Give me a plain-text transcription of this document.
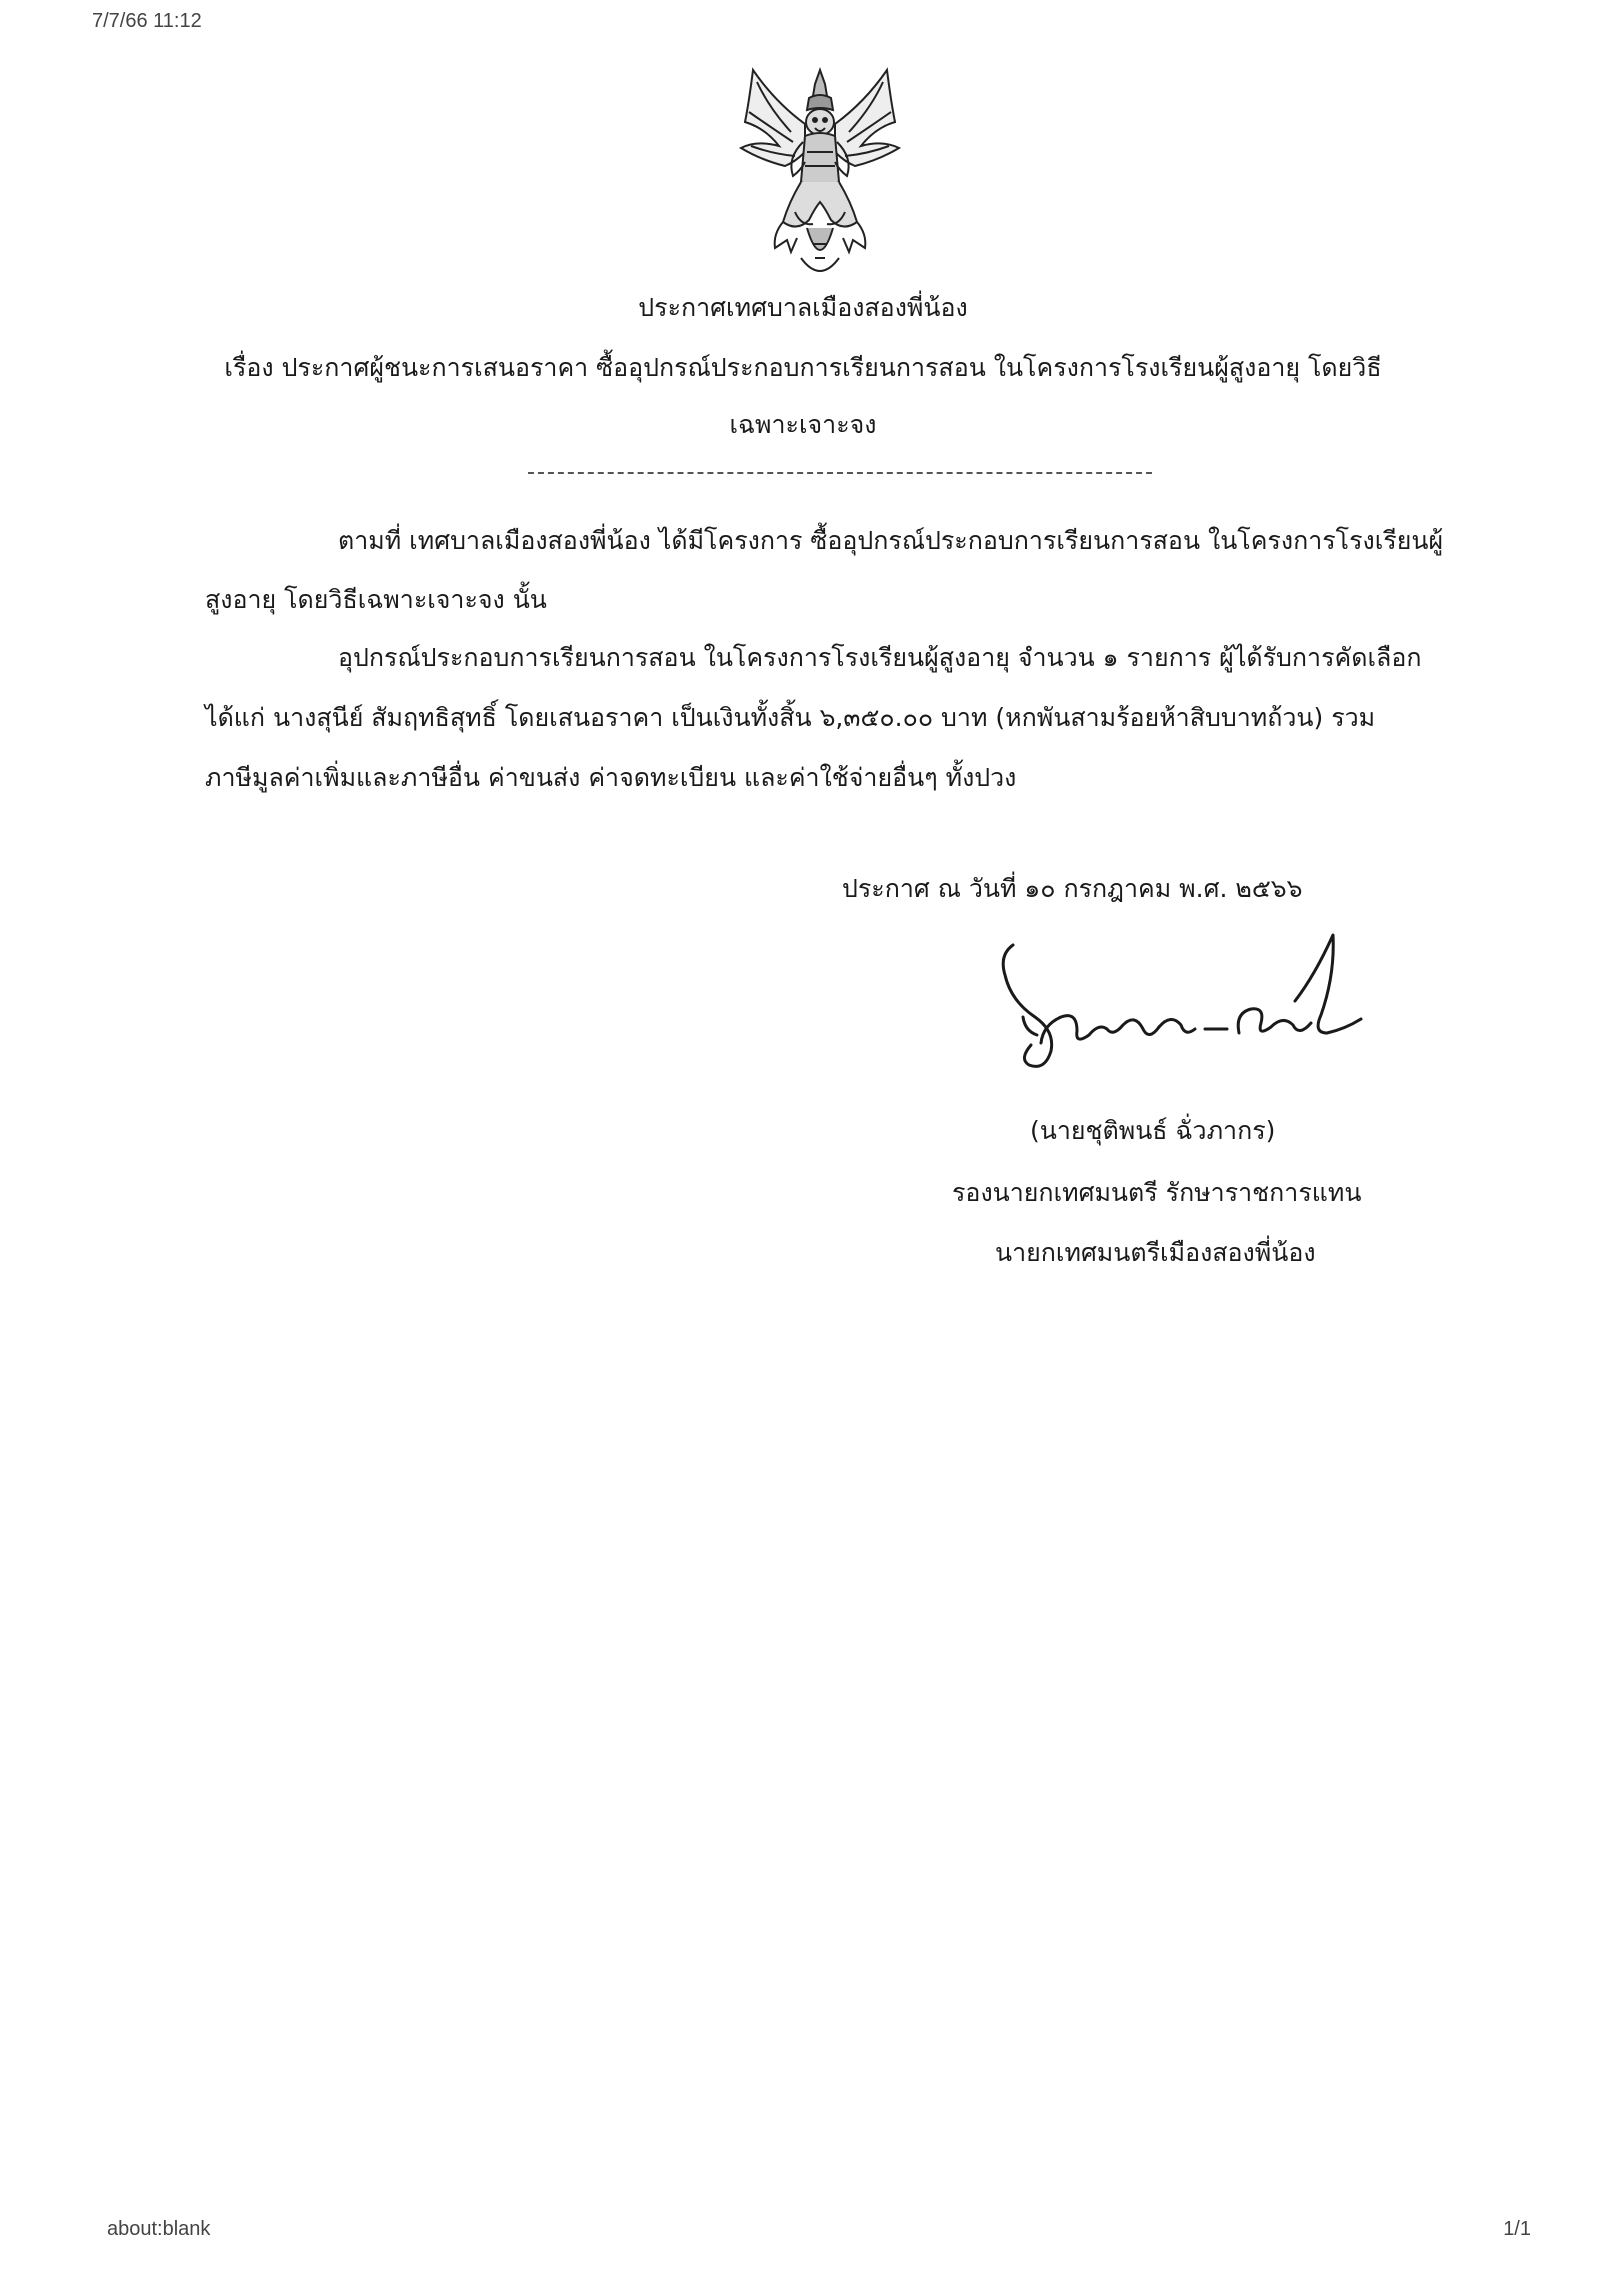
7/7/66 11:12
ประกาศเทศบาลเมืองสองพี่น้อง
เรื่อง ประกาศผู้ชนะการเสนอราคา ซื้ออุปกรณ์ประกอบการเรียนการสอน ในโครงการโรงเรียนผู้สูงอายุ โดยวิธี
เฉพาะเจาะจง
ตามที่ เทศบาลเมืองสองพี่น้อง ได้มีโครงการ ซื้ออุปกรณ์ประกอบการเรียนการสอน ในโครงการโรงเรียนผู้
สูงอายุ โดยวิธีเฉพาะเจาะจง นั้น
อุปกรณ์ประกอบการเรียนการสอน ในโครงการโรงเรียนผู้สูงอายุ จำนวน ๑ รายการ ผู้ได้รับการคัดเลือก
ได้แก่ นางสุนีย์ สัมฤทธิสุทธิ์ โดยเสนอราคา เป็นเงินทั้งสิ้น ๖,๓๕๐.๐๐ บาท (หกพันสามร้อยห้าสิบบาทถ้วน) รวม
ภาษีมูลค่าเพิ่มและภาษีอื่น ค่าขนส่ง ค่าจดทะเบียน และค่าใช้จ่ายอื่นๆ ทั้งปวง
ประกาศ ณ วันที่ ๑๐ กรกฎาคม พ.ศ. ๒๕๖๖
(นายชุติพนธ์ ฉั่วภากร)
รองนายกเทศมนตรี รักษาราชการแทน
นายกเทศมนตรีเมืองสองพี่น้อง
about:blank	1/1
